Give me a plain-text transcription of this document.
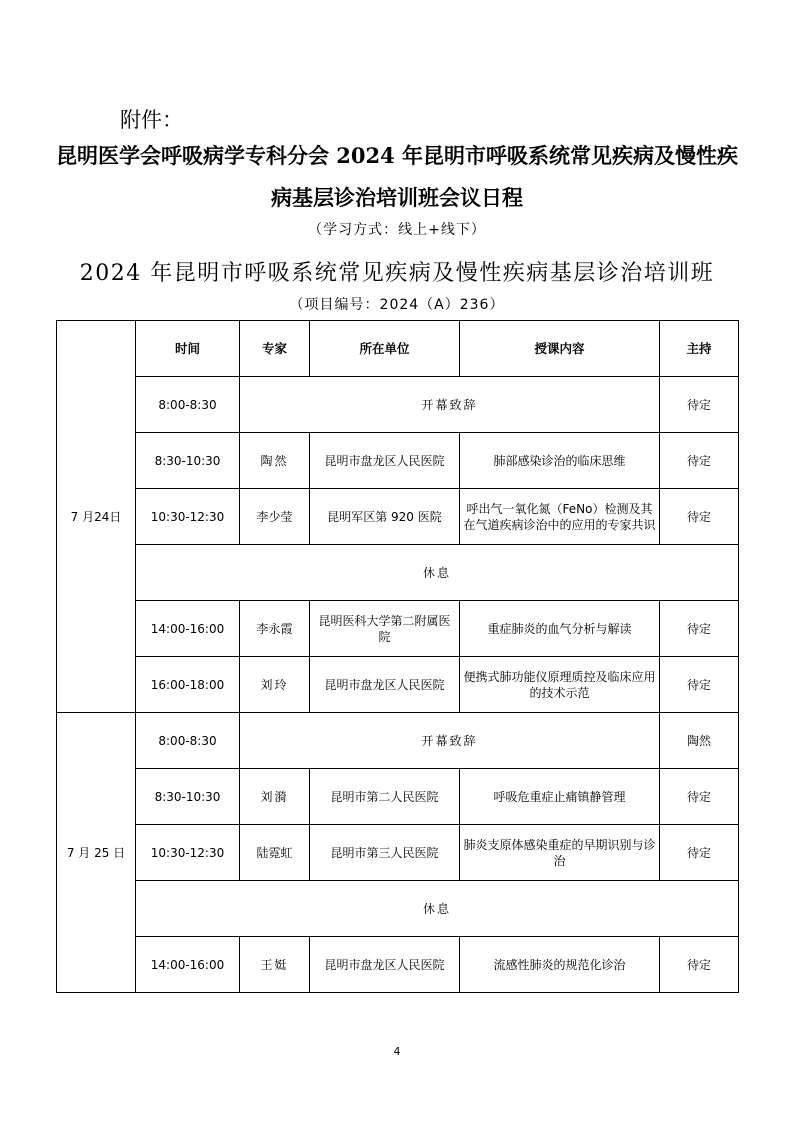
附件：
昆明医学会呼吸病学专科分会 2024 年昆明市呼吸系统常见疾病及慢性疾
病基层诊治培训班会议日程
（学习方式：线上+线下）
2024 年昆明市呼吸系统常见疾病及慢性疾病基层诊治培训班
（项目编号：2024（A）236）
7 月24日	时间	专家	所在单位	授课内容	主持
	8:00-8:30	开幕致辞			待定
	8:30-10:30	陶然	昆明市盘龙区人民医院	肺部感染诊治的临床思维	待定
	10:30-12:30	李少莹	昆明军区第 920 医院	呼出气一氧化氮（FeNo）检测及其在气道疾病诊治中的应用的专家共识	待定
	休息				
	14:00-16:00	李永霞	昆明医科大学第二附属医院	重症肺炎的血气分析与解读	待定
	16:00-18:00	刘玲	昆明市盘龙区人民医院	便携式肺功能仪原理质控及临床应用的技术示范	待定
7 月 25 日	8:00-8:30	开幕致辞			陶然
	8:30-10:30	刘漪	昆明市第二人民医院	呼吸危重症止痛镇静管理	待定
	10:30-12:30	陆霓虹	昆明市第三人民医院	肺炎支原体感染重症的早期识别与诊治	待定
	休息				
	14:00-16:00	王娗	昆明市盘龙区人民医院	流感性肺炎的规范化诊治	待定
4
